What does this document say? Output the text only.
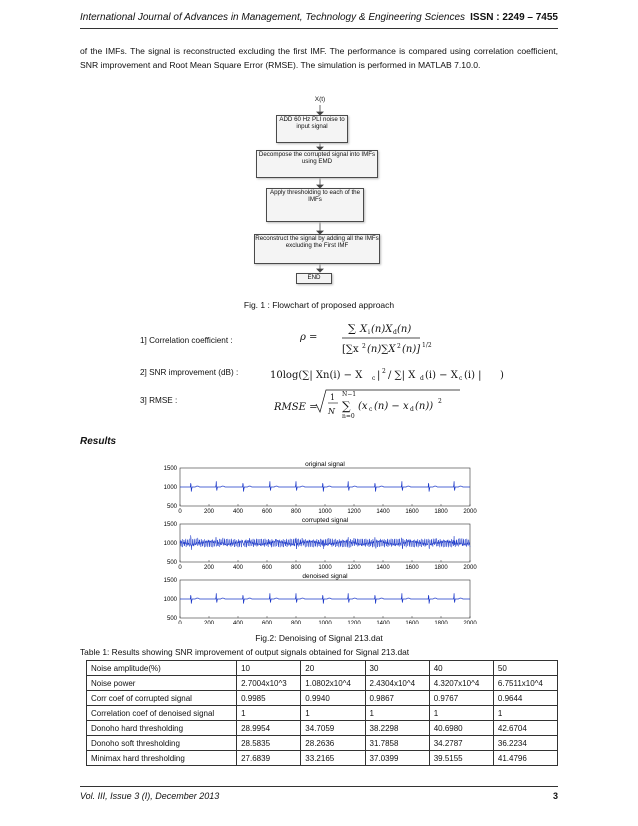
International Journal of Advances in Management, Technology & Engineering Sciences ISSN : 2249 – 7455
of the IMFs. The signal is reconstructed excluding the first IMF. The performance is compared using correlation coefficient, SNR improvement and Root Mean Square Error (RMSE). The simulation is performed in MATLAB 7.10.0.
X(t)
ADD 60 Hz PLI noise to input signal
Decompose the corrupted signal into IMFs using EMD
Apply thresholding to each of the IMFs
Reconstruct the signal by adding all the IMFs excluding the First IMF
END
Fig. 1 : Flowchart of proposed approach
1] Correlation coefficient :
2] SNR improvement (dB) :
3] RMSE :
ρ =
∑ X i (n)X d (n)
[∑x 2 (n)∑X 2 (n)] 1/2
10log(∑| Xn(i) − X c | 2 / ∑| X d (i) − X c (i) | )
RMSE =
1
N ∑
N−1
n=0
(x c (n) − x d (n)) 2
Results
original signal
500
1000
1500
0	200	400	600	800	1000	1200	1400	1600	1800	2000
corrupted signal
500
1000
1500
0	200	400	600	800	1000	1200	1400	1600	1800	2000
denoised signal
500
1000
1500
0	200	400	600	800	1000	1200	1400	1600	1800	2000
Fig.2: Denoising of Signal 213.dat
Table 1: Results showing SNR improvement of output signals obtained for Signal 213.dat
Noise amplitude(%)	10	20	30	40	50
Noise power	2.7004x10^3	1.0802x10^4	2.4304x10^4	4.3207x10^4	6.7511x10^4
Corr coef of corrupted signal	0.9985	0.9940	0.9867	0.9767	0.9644
Correlation coef of denoised signal	1	1	1	1	1
Donoho hard thresholding	28.9954	34.7059	38.2298	40.6980	42.6704
Donoho soft thresholding	28.5835	28.2636	31.7858	34.2787	36.2234
Minimax hard thresholding	27.6839	33.2165	37.0399	39.5155	41.4796
Vol. III, Issue 3 (I), December 2013	3
